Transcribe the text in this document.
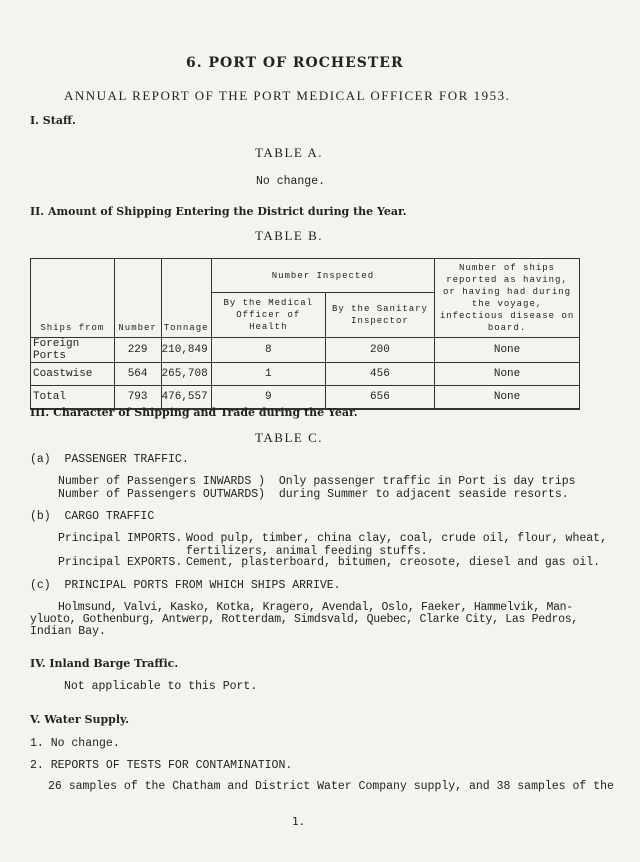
6. PORT OF ROCHESTER
ANNUAL REPORT OF THE PORT MEDICAL OFFICER FOR 1953.
I. Staff.
TABLE A.
No change.
II. Amount of Shipping Entering the District during the Year.
TABLE B.
Ships from	Number	Tonnage	Number Inspected		Number of ships reported as having, or having had during the voyage, infectious disease on board.
			By the Medical Officer of Health	By the Sanitary Inspector	
Foreign Ports	229	210,849	8	200	None
Coastwise	564	265,708	1	456	None
Total	793	476,557	9	656	None
III. Character of Shipping and Trade during the Year.
TABLE C.
(a)  PASSENGER TRAFFIC.
Number of Passengers INWARDS )  Only passenger traffic in Port is day trips
Number of Passengers OUTWARDS)  during Summer to adjacent seaside resorts.
(b)  CARGO TRAFFIC
Principal IMPORTS. Wood pulp, timber, china clay, coal, crude oil, flour, wheat,
fertilizers, animal feeding stuffs.
Principal EXPORTS. Cement, plasterboard, bitumen, creosote, diesel and gas oil.
(c)  PRINCIPAL PORTS FROM WHICH SHIPS ARRIVE.
Holmsund, Valvi, Kasko, Kotka, Kragero, Avendal, Oslo, Faeker, Hammelvik, Man-
yluoto, Gothenburg, Antwerp, Rotterdam, Simdsvald, Quebec, Clarke City, Las Pedros,
Indian Bay.
IV. Inland Barge Traffic.
Not applicable to this Port.
V. Water Supply.
1. No change.
2. REPORTS OF TESTS FOR CONTAMINATION.
26 samples of the Chatham and District Water Company supply, and 38 samples of the
1.
